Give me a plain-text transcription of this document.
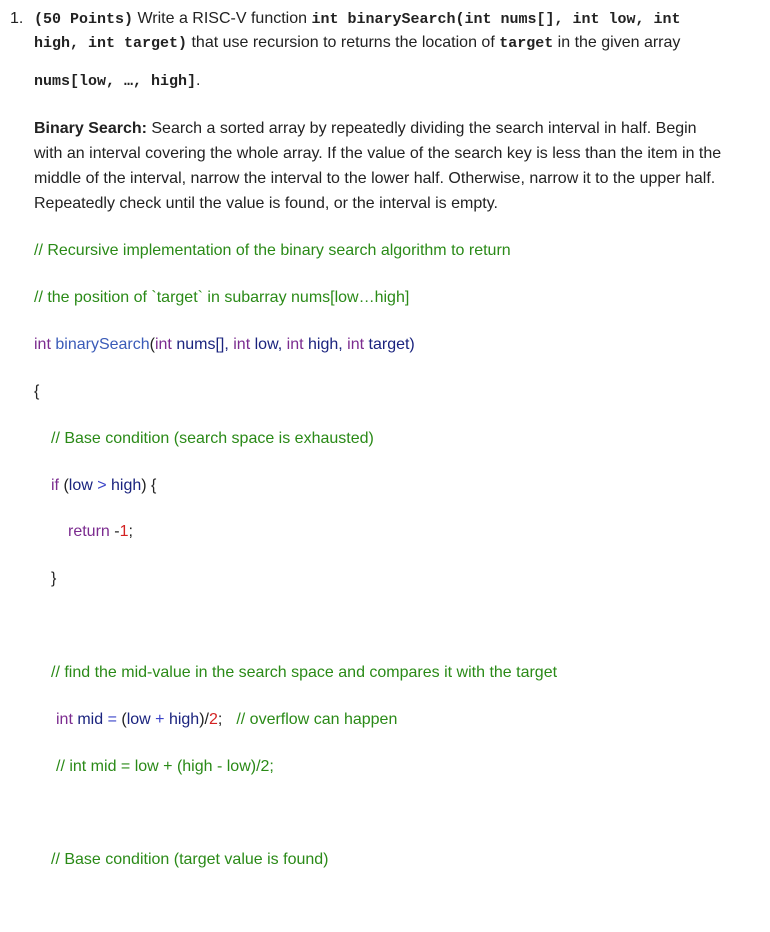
1. (50 Points) Write a RISC-V function int binarySearch(int nums[], int low, int
high, int target) that use recursion to returns the location of target in the given array
nums[low, …, high].
Binary Search: Search a sorted array by repeatedly dividing the search interval in half. Begin with an interval covering the whole array. If the value of the search key is less than the item in the middle of the interval, narrow the interval to the lower half. Otherwise, narrow it to the upper half. Repeatedly check until the value is found, or the interval is empty.
// Recursive implementation of the binary search algorithm to return
// the position of `target` in subarray nums[low…high]
int binarySearch(int nums[], int low, int high, int target)
{
// Base condition (search space is exhausted)
if (low > high) {
return -1;
}
// find the mid-value in the search space and compares it with the target
int mid = (low + high)/2; // overflow can happen
// int mid = low + (high - low)/2;
// Base condition (target value is found)
